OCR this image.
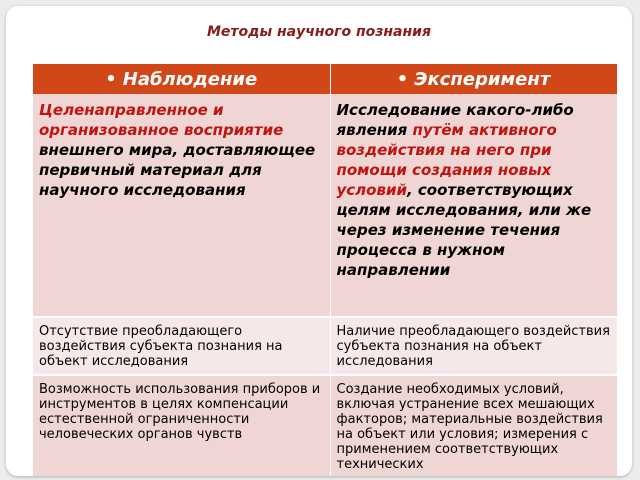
Методы научного познания
• Наблюдение	• Эксперимент
Целенаправленное и организованное восприятие внешнего мира, доставляющее первичный материал для научного исследования	Исследование какого-либо явления путём активного воздействия на него при помощи создания новых условий, соответствующих целям исследования, или же через изменение течения процесса в нужном направлении
Отсутствие преобладающего воздействия субъекта познания на объект исследования	Наличие преобладающего воздействия субъекта познания на объект исследования
Возможность использования приборов и инструментов в целях компенсации естественной ограниченности человеческих органов чувств	Создание необходимых условий, включая устранение всех мешающих факторов; материальные воздействия на объект или условия; измерения с применением соответствующих технических
